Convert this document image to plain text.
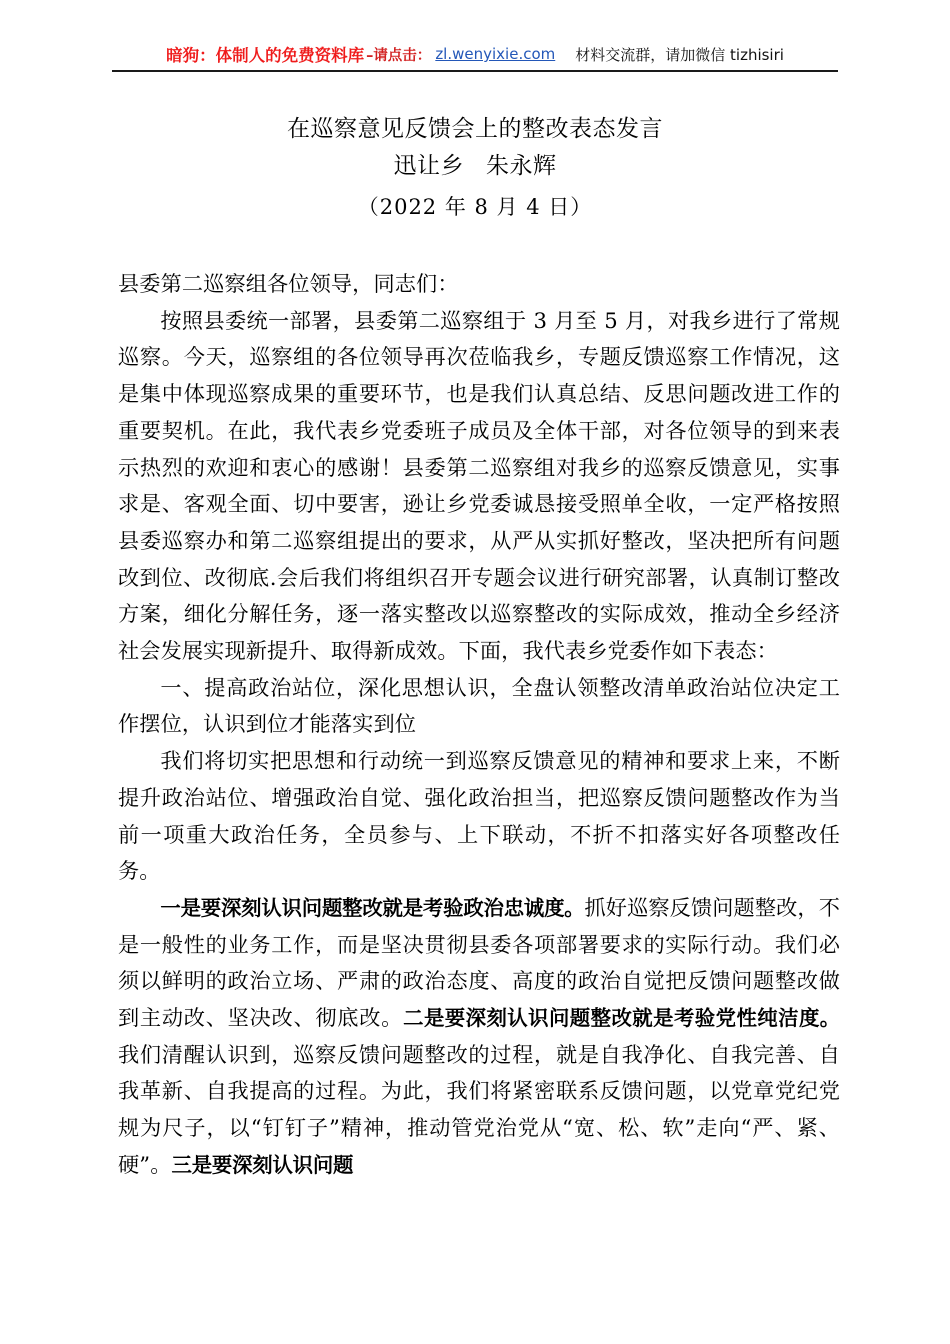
暗狗：体制人的免费资料库 –请点击： zl.wenyixie.com 材料交流群，请加微信 tizhisiri
在巡察意见反馈会上的整改表态发言
迅让乡 朱永辉
（2022 年 8 月 4 日）

县委第二巡察组各位领导，同志们：

按照县委统一部署，县委第二巡察组于 3 月至 5 月，对我乡进行了常规巡察。今天，巡察组的各位领导再次莅临我乡，专题反馈巡察工作情况，这是集中体现巡察成果的重要环节，也是我们认真总结、反思问题改进工作的重要契机。在此，我代表乡党委班子成员及全体干部，对各位领导的到来表示热烈的欢迎和衷心的感谢！县委第二巡察组对我乡的巡察反馈意见，实事求是、客观全面、切中要害，逊让乡党委诚恳接受照单全收，一定严格按照县委巡察办和第二巡察组提出的要求，从严从实抓好整改，坚决把所有问题改到位、改彻底.会后我们将组织召开专题会议进行研究部署，认真制订整改方案，细化分解任务，逐一落实整改以巡察整改的实际成效，推动全乡经济社会发展实现新提升、取得新成效。下面，我代表乡党委作如下表态：

一、提高政治站位，深化思想认识，全盘认领整改清单政治站位决定工作摆位，认识到位才能落实到位

我们将切实把思想和行动统一到巡察反馈意见的精神和要求上来，不断提升政治站位、增强政治自觉、强化政治担当，把巡察反馈问题整改作为当前一项重大政治任务，全员参与、上下联动，不折不扣落实好各项整改任务。

一是要深刻认识问题整改就是考验政治忠诚度。抓好巡察反馈问题整改，不是一般性的业务工作，而是坚决贯彻县委各项部署要求的实际行动。我们必须以鲜明的政治立场、严肃的政治态度、高度的政治自觉把反馈问题整改做到主动改、坚决改、彻底改。二是要深刻认识问题整改就是考验党性纯洁度。我们清醒认识到，巡察反馈问题整改的过程，就是自我净化、自我完善、自我革新、自我提高的过程。为此，我们将紧密联系反馈问题，以党章党纪党规为尺子，以“钉钉子”精神，推动管党治党从“宽、松、软”走向“严、紧、硬”。三是要深刻认识问题
